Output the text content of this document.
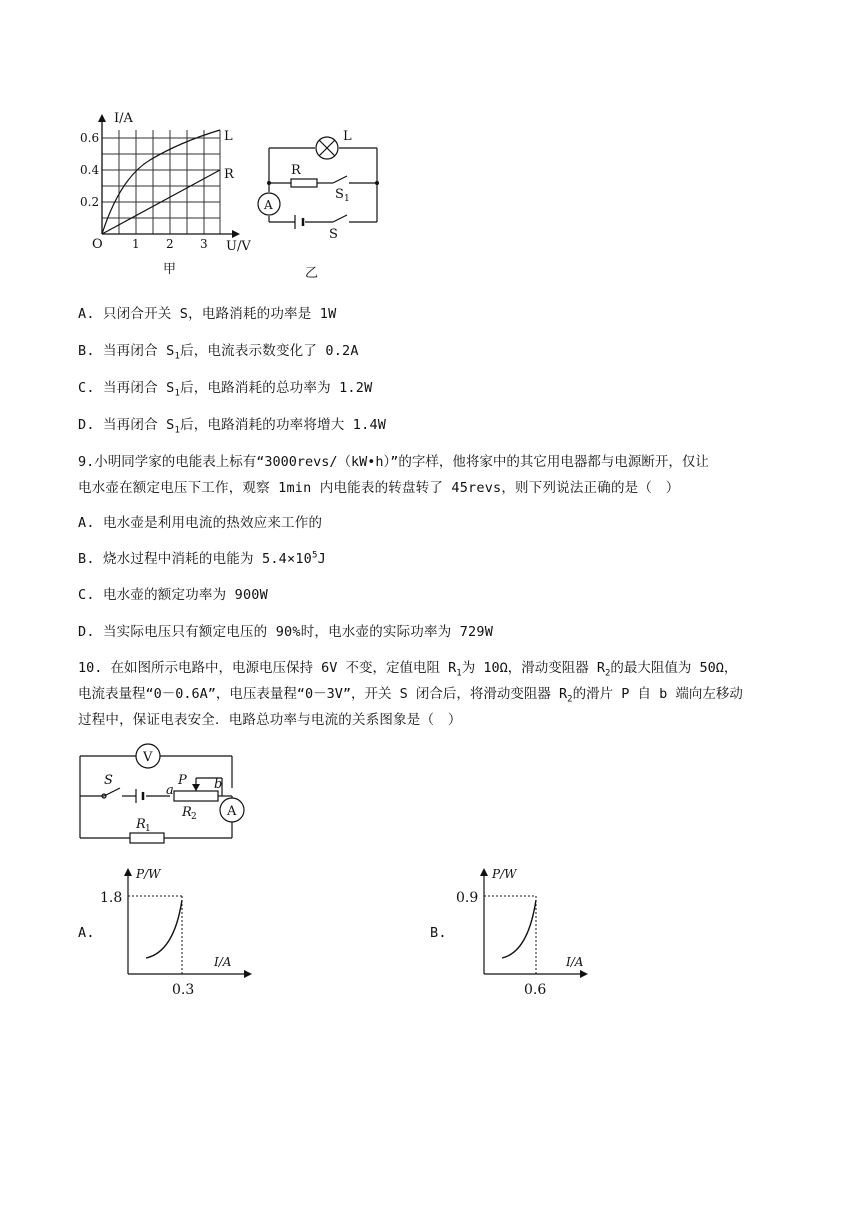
I/A
U/V
O
0.6
0.4
0.2
1 2 3
L
R
甲
L
R
S 1
A
S
乙
A. 只闭合开关 S，电路消耗的功率是 1W
B. 当再闭合 $S_1$后，电流表示数变化了 0.2A
C. 当再闭合 $S_1$后，电路消耗的总功率为 1.2W
D. 当再闭合 $S_1$后，电路消耗的功率将增大 1.4W
9.小明同学家的电能表上标有“3000revs/（kW•h）”的字样，他将家中的其它用电器都与电源断开，仅让
电水壶在额定电压下工作，观察 1min 内电能表的转盘转了 45revs，则下列说法正确的是（　）
A. 电水壶是利用电流的热效应来工作的
B. 烧水过程中消耗的电能为 $5.4\times 10^5J$
C. 电水壶的额定功率为 900W
D. 当实际电压只有额定电压的 90%时，电水壶的实际功率为 729W
10. 在如图所示电路中，电源电压保持 6V 不变，定值电阻 $R_1$为 10Ω，滑动变阻器 $R_2$的最大阻值为 50Ω，
电流表量程“0－0.6A”，电压表量程“0－3V”，开关 S 闭合后，将滑动变阻器 $R_2$的滑片 P 自 b 端向左移动
过程中，保证电表安全．电路总功率与电流的关系图象是（　）
V
A
S	P
a	b
R 2
R 1
A.
P/W
I/A
1.8
0.3
B.
P/W
I/A
0.9
0.6
